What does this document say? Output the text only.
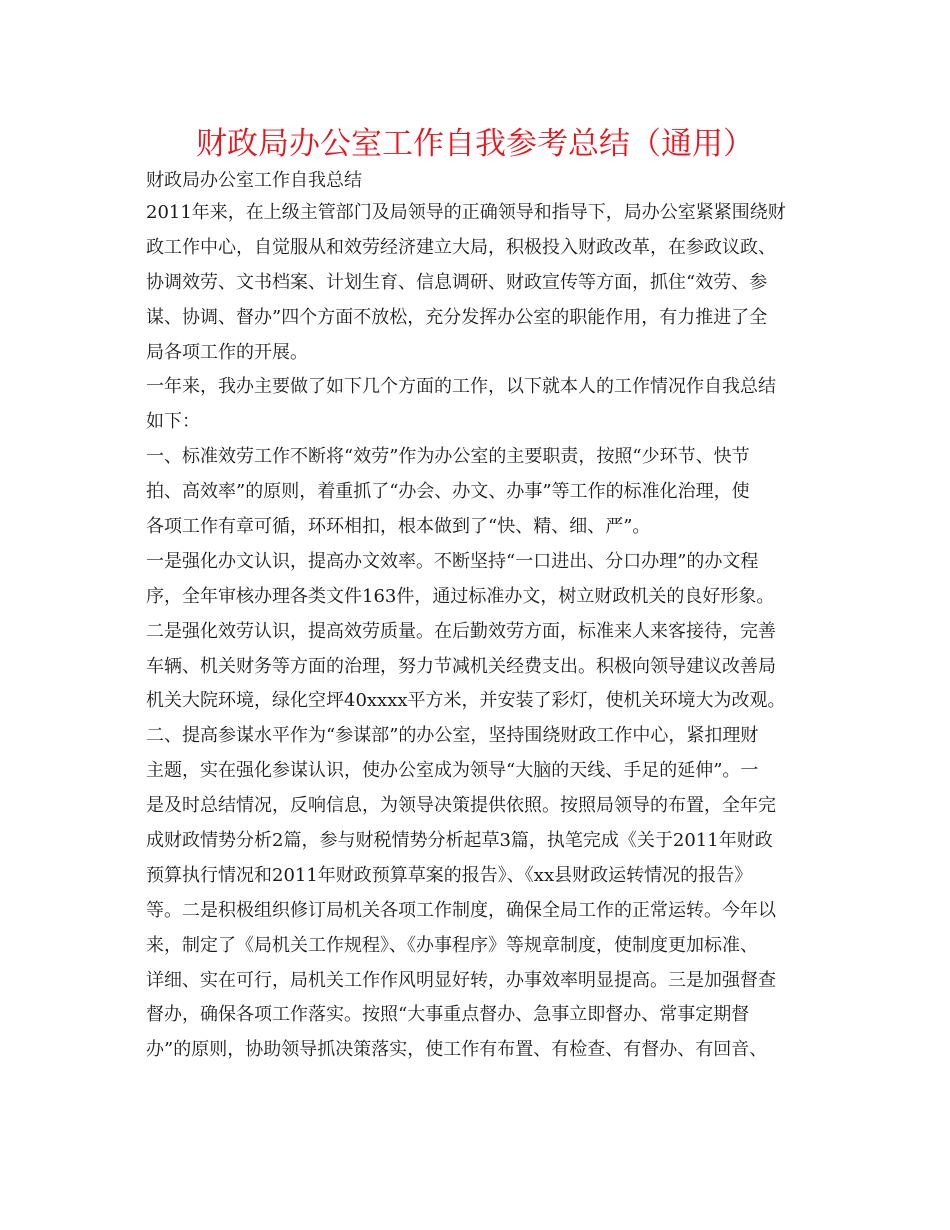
财政局办公室工作自我参考总结（通用）
财政局办公室工作自我总结
2011年来，在上级主管部门及局领导的正确领导和指导下，局办公室紧紧围绕财
政工作中心，自觉服从和效劳经济建立大局，积极投入财政改革，在参政议政、
协调效劳、文书档案、计划生育、信息调研、财政宣传等方面，抓住“效劳、参
谋、协调、督办”四个方面不放松，充分发挥办公室的职能作用，有力推进了全
局各项工作的开展。
一年来，我办主要做了如下几个方面的工作，以下就本人的工作情况作自我总结
如下：
一、标准效劳工作不断将“效劳”作为办公室的主要职责，按照“少环节、快节
拍、高效率”的原则，着重抓了“办会、办文、办事”等工作的标准化治理，使
各项工作有章可循，环环相扣，根本做到了“快、精、细、严”。
一是强化办文认识，提高办文效率。不断坚持“一口进出、分口办理”的办文程
序，全年审核办理各类文件163件，通过标准办文，树立财政机关的良好形象。
二是强化效劳认识，提高效劳质量。在后勤效劳方面，标准来人来客接待，完善
车辆、机关财务等方面的治理，努力节减机关经费支出。积极向领导建议改善局
机关大院环境，绿化空坪40xxxx平方米，并安装了彩灯，使机关环境大为改观。
二、提高参谋水平作为“参谋部”的办公室，坚持围绕财政工作中心，紧扣理财
主题，实在强化参谋认识，使办公室成为领导“大脑的天线、手足的延伸”。一
是及时总结情况，反响信息，为领导决策提供依照。按照局领导的布置，全年完
成财政情势分析2篇，参与财税情势分析起草3篇，执笔完成《关于2011年财政
预算执行情况和2011年财政预算草案的报告》、《xx县财政运转情况的报告》
等。二是积极组织修订局机关各项工作制度，确保全局工作的正常运转。今年以
来，制定了《局机关工作规程》、《办事程序》等规章制度，使制度更加标准、
详细、实在可行，局机关工作作风明显好转，办事效率明显提高。三是加强督查
督办，确保各项工作落实。按照“大事重点督办、急事立即督办、常事定期督
办”的原则，协助领导抓决策落实，使工作有布置、有检查、有督办、有回音、
